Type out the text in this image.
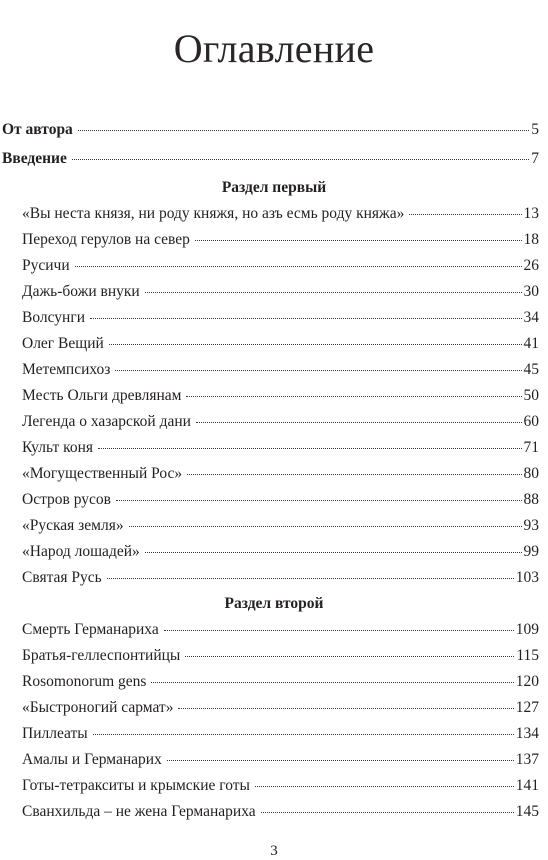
Оглавление
От автора	5
Введение	7
Раздел первый
«Вы неста князя, ни роду княжя, но азъ есмь роду княжа»	13
Переход герулов на север	18
Русичи	26
Дажь-божи внуки	30
Волсунги	34
Олег Вещий	41
Метемпсихоз	45
Месть Ольги древлянам	50
Легенда о хазарской дани	60
Культ коня	71
«Могущественный Рос»	80
Остров русов	88
«Руская земля»	93
«Народ лошадей»	99
Святая Русь	103
Раздел второй
Смерть Германариха	109
Братья-геллеспонтийцы	115
Rosomonorum gens	120
«Быстроногий сармат»	127
Пиллеаты	134
Амалы и Германарих	137
Готы-тетракситы и крымские готы	141
Сванхильда – не жена Германариха	145
3
